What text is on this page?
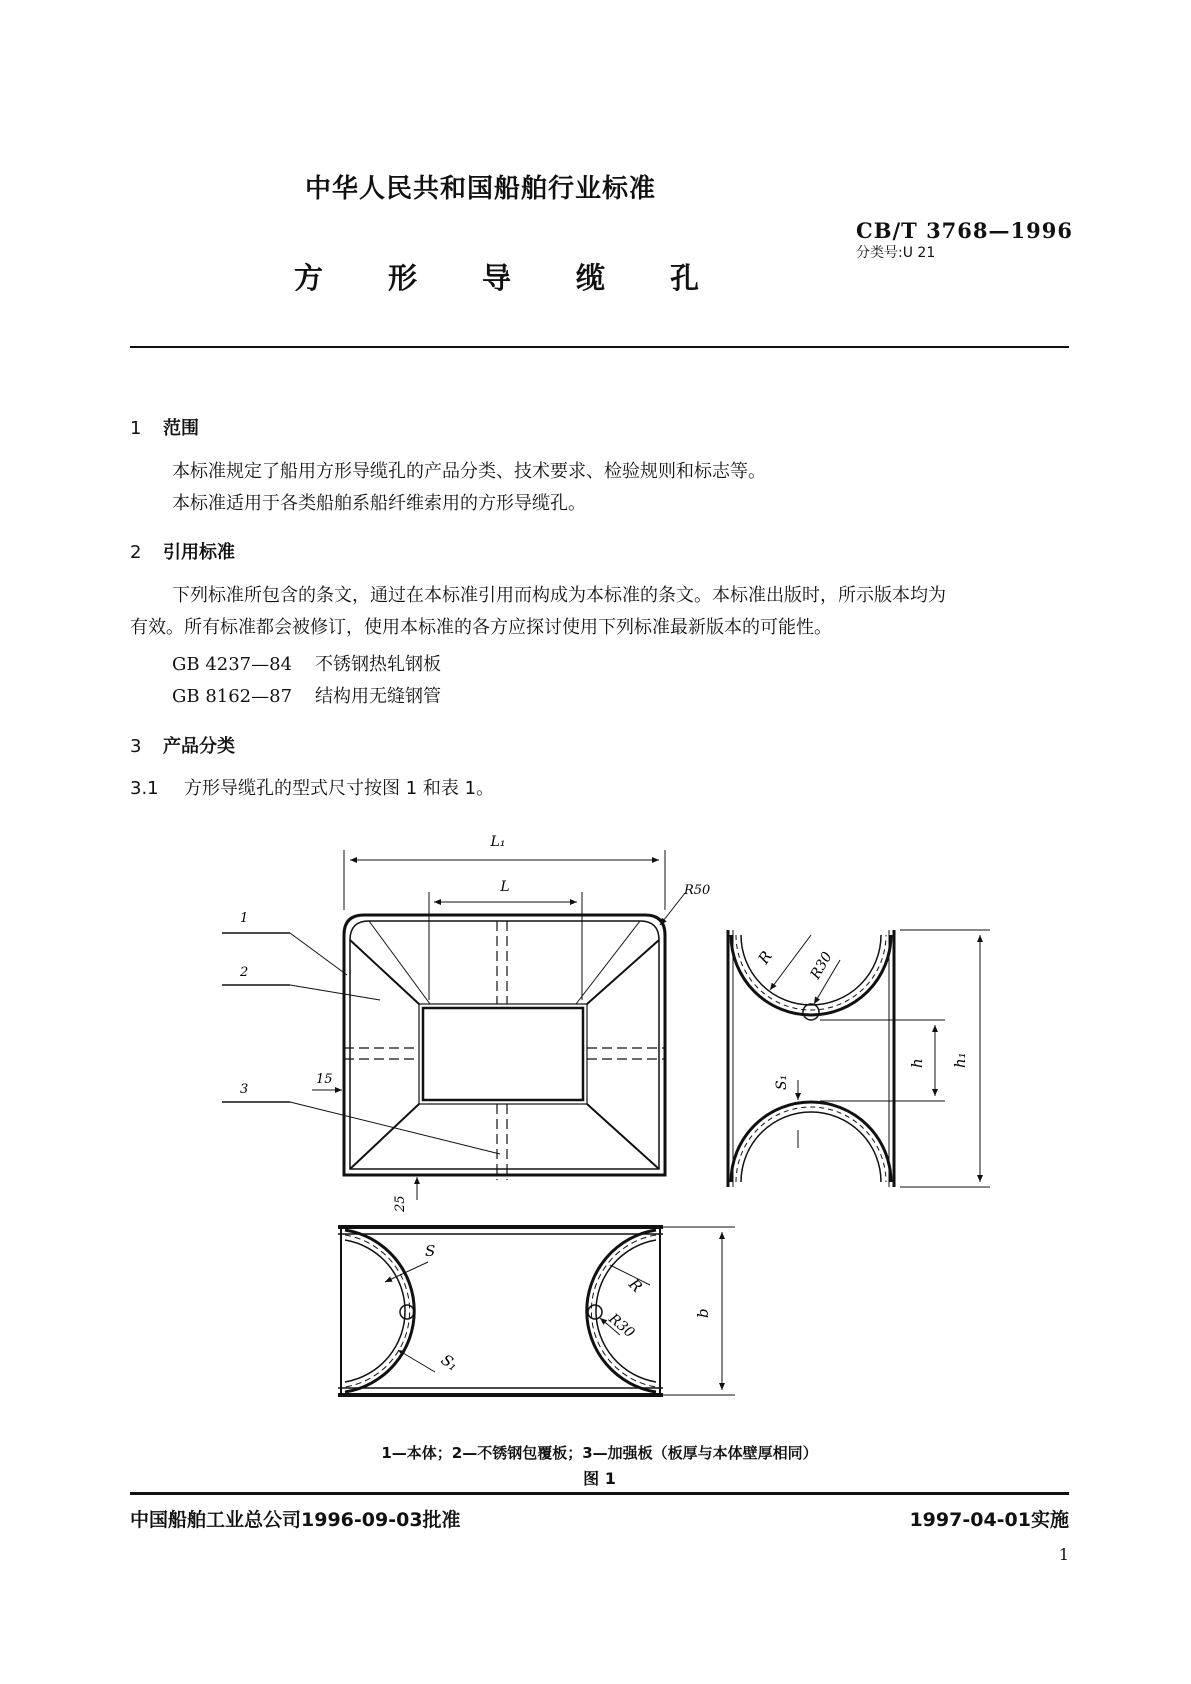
中华人民共和国船舶行业标准
CB/T 3768—1996
分类号:U 21
方 形 导 缆 孔
1 范围
本标准规定了船用方形导缆孔的产品分类、技术要求、检验规则和标志等。
本标准适用于各类船舶系船纤维索用的方形导缆孔。
2 引用标准
下列标准所包含的条文，通过在本标准引用而构成为本标准的条文。本标准出版时，所示版本均为
有效。所有标准都会被修订，使用本标准的各方应探讨使用下列标准最新版本的可能性。
GB 4237—84 不锈钢热轧钢板
GB 8162—87 结构用无缝钢管
3 产品分类
3.1 方形导缆孔的型式尺寸按图 1 和表 1。
L₁
L	R50
1
2
3
15
25
R R30
S₁
h h₁
S
S₁
R
R30	b
1—本体；2—不锈钢包覆板；3—加强板（板厚与本体壁厚相同）
图 1
中国船舶工业总公司1996-09-03批准	1997-04-01实施
1
